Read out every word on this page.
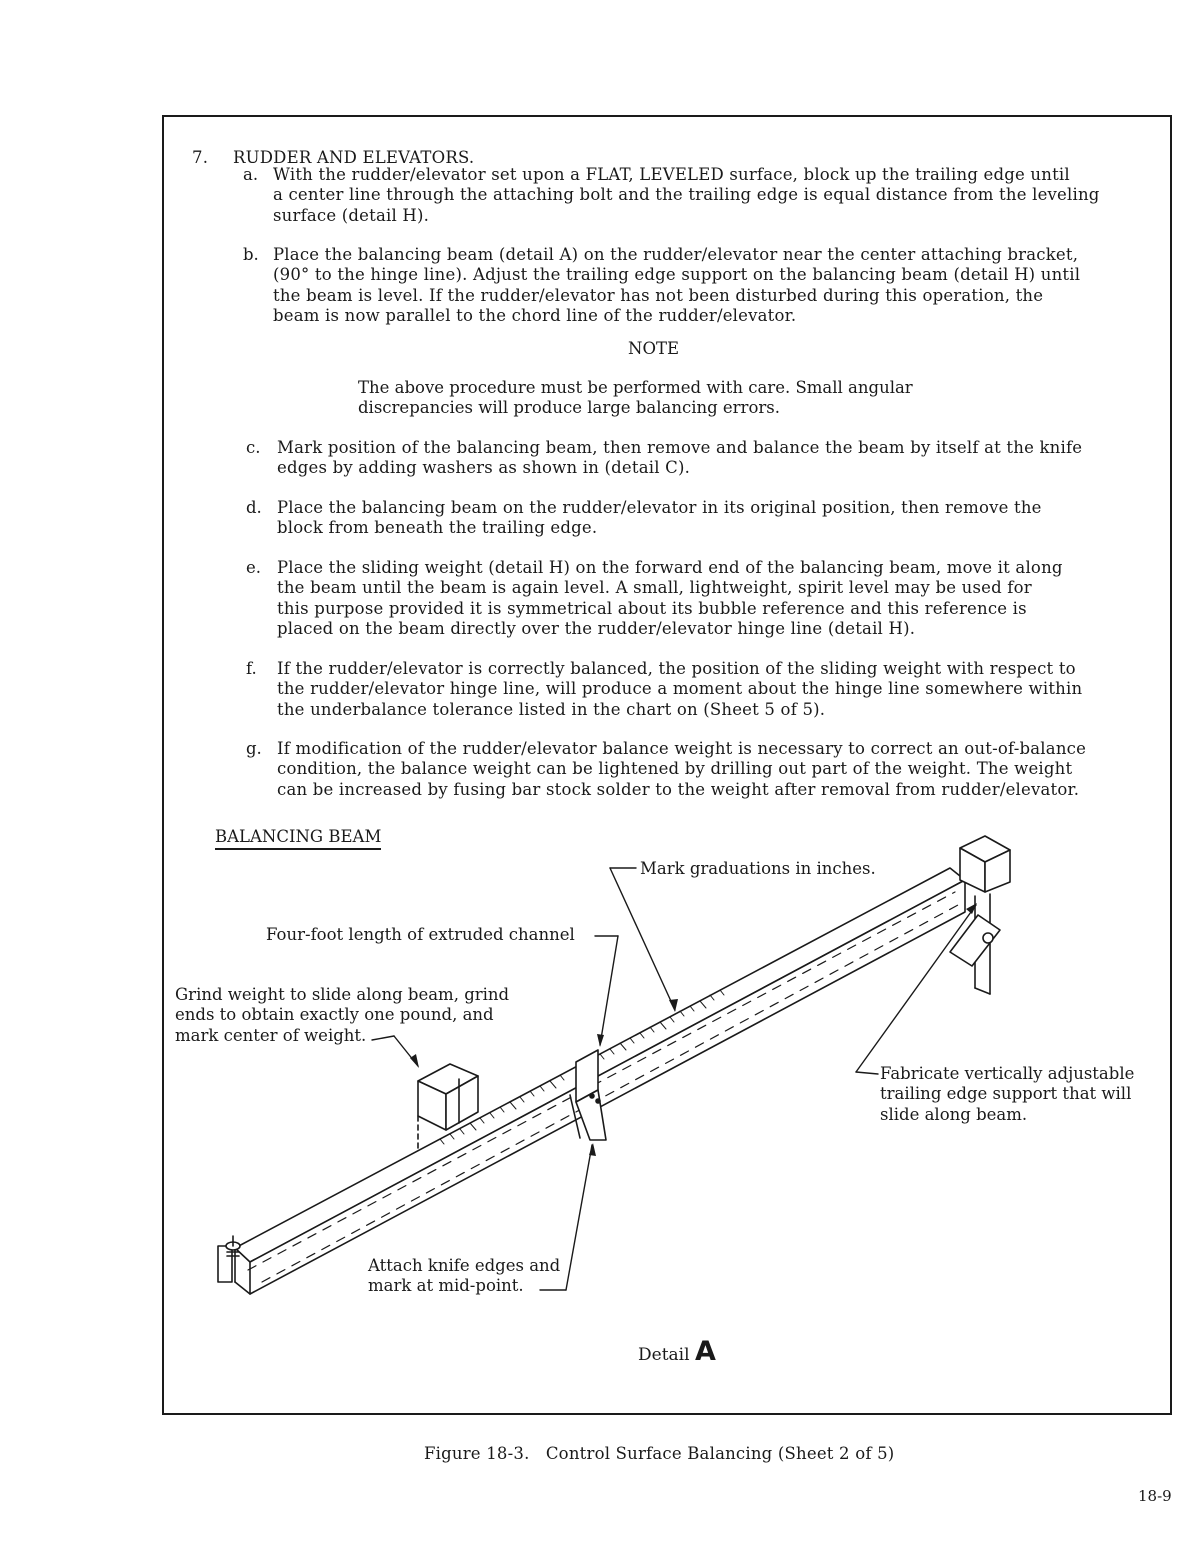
7. RUDDER AND ELEVATORS.
a. With the rudder/elevator set upon a FLAT, LEVELED surface, block up the trailing edge until
a center line through the attaching bolt and the trailing edge is equal distance from the leveling
surface (detail H).
b. Place the balancing beam (detail A) on the rudder/elevator near the center attaching bracket,
(90° to the hinge line). Adjust the trailing edge support on the balancing beam (detail H) until
the beam is level. If the rudder/elevator has not been disturbed during this operation, the
beam is now parallel to the chord line of the rudder/elevator.
NOTE
The above procedure must be performed with care. Small angular
discrepancies will produce large balancing errors.
c. Mark position of the balancing beam, then remove and balance the beam by itself at the knife
edges by adding washers as shown in (detail C).
d. Place the balancing beam on the rudder/elevator in its original position, then remove the
block from beneath the trailing edge.
e. Place the sliding weight (detail H) on the forward end of the balancing beam, move it along
the beam until the beam is again level. A small, lightweight, spirit level may be used for
this purpose provided it is symmetrical about its bubble reference and this reference is
placed on the beam directly over the rudder/elevator hinge line (detail H).
f. If the rudder/elevator is correctly balanced, the position of the sliding weight with respect to
the rudder/elevator hinge line, will produce a moment about the hinge line somewhere within
the underbalance tolerance listed in the chart on (Sheet 5 of 5).
g. If modification of the rudder/elevator balance weight is necessary to correct an out-of-balance
condition, the balance weight can be lightened by drilling out part of the weight. The weight
can be increased by fusing bar stock solder to the weight after removal from rudder/elevator.
BALANCING BEAM
Mark graduations in inches.
Four-foot length of extruded channel
Grind weight to slide along beam, grind
ends to obtain exactly one pound, and
mark center of weight.
Fabricate vertically adjustable
trailing edge support that will
slide along beam.
Attach knife edges and
mark at mid-point.
Detail A
Figure 18-3.   Control Surface Balancing (Sheet 2 of 5)
18-9
